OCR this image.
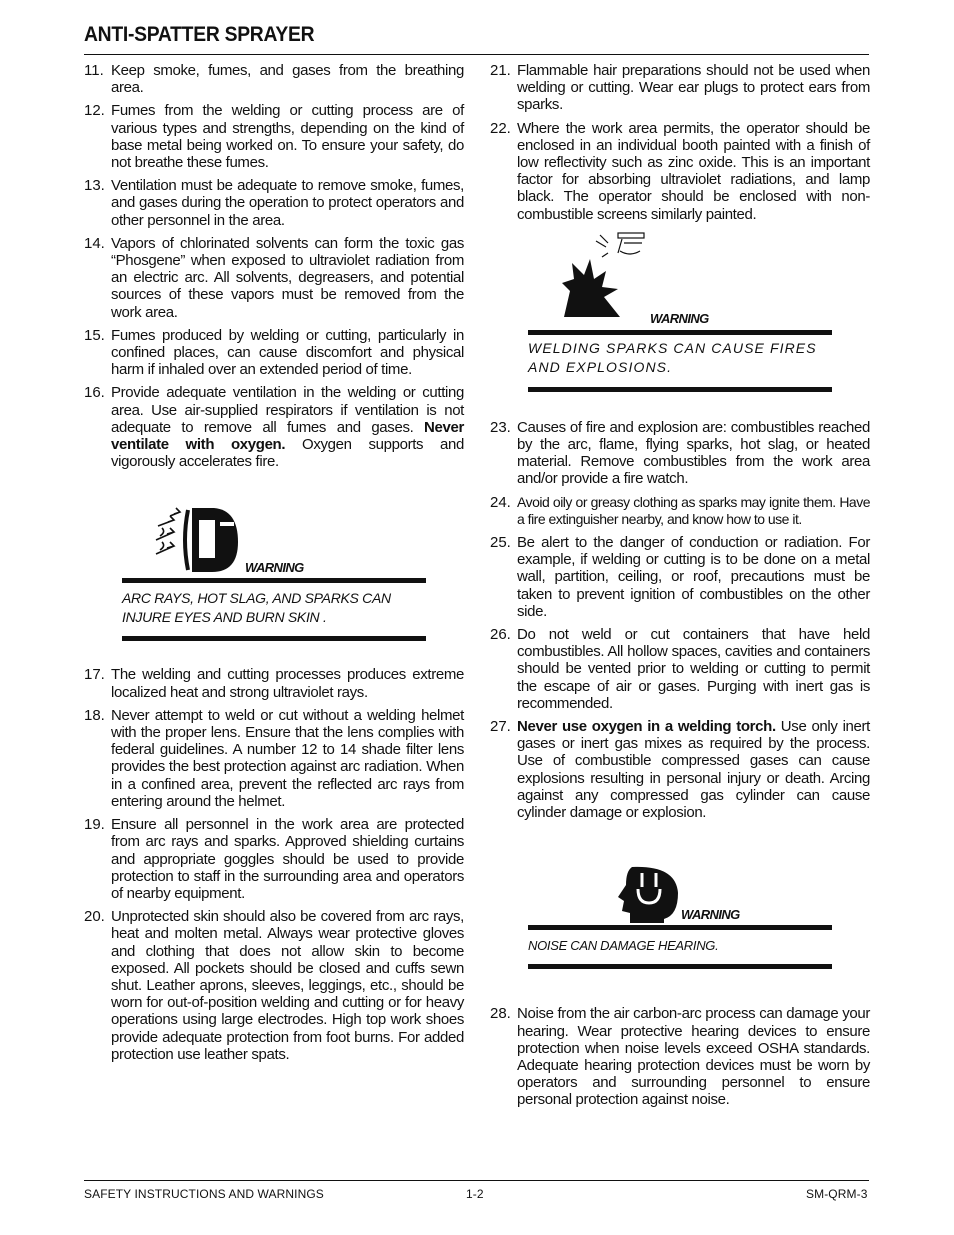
ANTI-SPATTER SPRAYER
11. Keep smoke, fumes, and gases from the breathing area.
12. Fumes from the welding or cutting process are of various types and strengths, depending on the kind of base metal being worked on. To ensure your safety, do not breathe these fumes.
13. Ventilation must be adequate to remove smoke, fumes, and gases during the operation to protect operators and other personnel in the area.
14. Vapors of chlorinated solvents can form the toxic gas “Phosgene” when exposed to ultraviolet radiation from an electric arc. All solvents, degreasers, and potential sources of these vapors must be removed from the work area.
15. Fumes produced by welding or cutting, particularly in confined places, can cause discomfort and physical harm if inhaled over an extended period of time.
16. Provide adequate ventilation in the welding or cutting area. Use air-supplied respirators if ventilation is not adequate to remove all fumes and gases. Never ventilate with oxygen. Oxygen supports and vigorously accelerates fire.
WARNING
ARC RAYS, HOT SLAG, AND SPARKS CAN INJURE EYES AND BURN SKIN .
17. The welding and cutting processes produces extreme localized heat and strong ultraviolet rays.
18. Never attempt to weld or cut without a welding helmet with the proper lens. Ensure that the lens complies with federal guidelines. A number 12 to 14 shade filter lens provides the best protection against arc radiation. When in a confined area, prevent the reflected arc rays from entering around the helmet.
19. Ensure all personnel in the work area are protected from arc rays and sparks. Approved shielding curtains and appropriate goggles should be used to provide protection to staff in the surrounding area and operators of nearby equipment.
20. Unprotected skin should also be covered from arc rays, heat and molten metal. Always wear protective gloves and clothing that does not allow skin to become exposed. All pockets should be closed and cuffs sewn shut. Leather aprons, sleeves, leggings, etc., should be worn for out-of-position welding and cutting or for heavy operations using large electrodes. High top work shoes provide adequate protection from foot burns. For added protection use leather spats.
21. Flammable hair preparations should not be used when welding or cutting. Wear ear plugs to protect ears from sparks.
22. Where the work area permits, the operator should be enclosed in an individual booth painted with a finish of low reflectivity such as zinc oxide. This is an important factor for absorbing ultraviolet radiations, and lamp black. The operator should be enclosed with non-combustible screens similarly painted.
WARNING
WELDING SPARKS CAN CAUSE FIRES AND EXPLOSIONS.
23. Causes of fire and explosion are: combustibles reached by the arc, flame, flying sparks, hot slag, or heated material. Remove combustibles from the work area and/or provide a fire watch.
24. Avoid oily or greasy clothing as sparks may ignite them. Have a fire extinguisher nearby, and know how to use it.
25. Be alert to the danger of conduction or radiation. For example, if welding or cutting is to be done on a metal wall, partition, ceiling, or roof, precautions must be taken to prevent ignition of combustibles on the other side.
26. Do not weld or cut containers that have held combustibles. All hollow spaces, cavities and containers should be vented prior to welding or cutting to permit the escape of air or gases. Purging with inert gas is recommended.
27. Never use oxygen in a welding torch. Use only inert gases or inert gas mixes as required by the process. Use of combustible compressed gases can cause explosions resulting in personal injury or death. Arcing against any compressed gas cylinder can cause cylinder damage or explosion.
WARNING
NOISE CAN DAMAGE HEARING.
28. Noise from the air carbon-arc process can damage your hearing. Wear protective hearing devices to ensure protection when noise levels exceed OSHA standards. Adequate hearing protection devices must be worn by operators and surrounding personnel to ensure personal protection against noise.
SAFETY INSTRUCTIONS AND WARNINGS	1-2	SM-QRM-3
